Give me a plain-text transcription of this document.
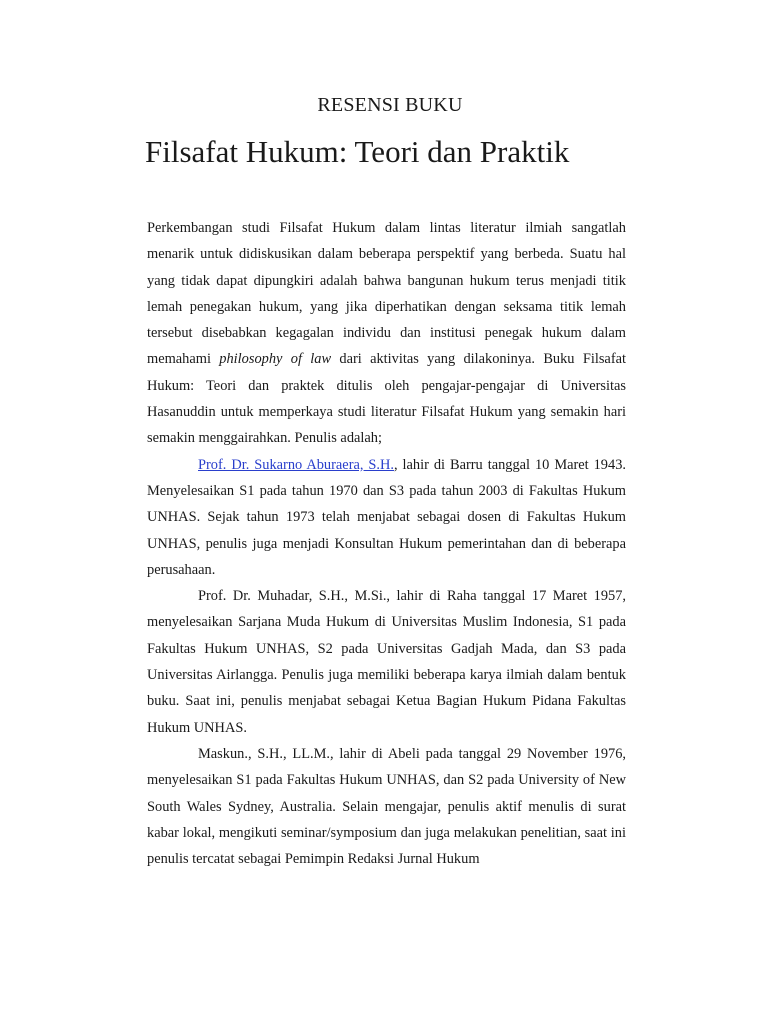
RESENSI BUKU
Filsafat Hukum: Teori dan Praktik

Perkembangan studi Filsafat Hukum dalam lintas literatur ilmiah sangatlah menarik untuk didiskusikan dalam beberapa perspektif yang berbeda. Suatu hal yang tidak dapat dipungkiri adalah bahwa bangunan hukum terus menjadi titik lemah penegakan hukum, yang jika diperhatikan dengan seksama titik lemah tersebut disebabkan kegagalan individu dan institusi penegak hukum dalam memahami philosophy of law dari aktivitas yang dilakoninya. Buku Filsafat Hukum: Teori dan praktek ditulis oleh pengajar-pengajar di Universitas Hasanuddin untuk memperkaya studi literatur Filsafat Hukum yang semakin hari semakin menggairahkan. Penulis adalah;

Prof. Dr. Sukarno Aburaera, S.H., lahir di Barru tanggal 10 Maret 1943. Menyelesaikan S1 pada tahun 1970 dan S3 pada tahun 2003 di Fakultas Hukum UNHAS. Sejak tahun 1973 telah menjabat sebagai dosen di Fakultas Hukum UNHAS, penulis juga menjadi Konsultan Hukum pemerintahan dan di beberapa perusahaan.

Prof. Dr. Muhadar, S.H., M.Si., lahir di Raha tanggal 17 Maret 1957, menyelesaikan Sarjana Muda Hukum di Universitas Muslim Indonesia, S1 pada Fakultas Hukum UNHAS, S2 pada Universitas Gadjah Mada, dan S3 pada Universitas Airlangga. Penulis juga memiliki beberapa karya ilmiah dalam bentuk buku. Saat ini, penulis menjabat sebagai Ketua Bagian Hukum Pidana Fakultas Hukum UNHAS.

Maskun., S.H., LL.M., lahir di Abeli pada tanggal 29 November 1976, menyelesaikan S1 pada Fakultas Hukum UNHAS, dan S2 pada University of New South Wales Sydney, Australia. Selain mengajar, penulis aktif menulis di surat kabar lokal, mengikuti seminar/symposium dan juga melakukan penelitian, saat ini penulis tercatat sebagai Pemimpin Redaksi Jurnal Hukum
